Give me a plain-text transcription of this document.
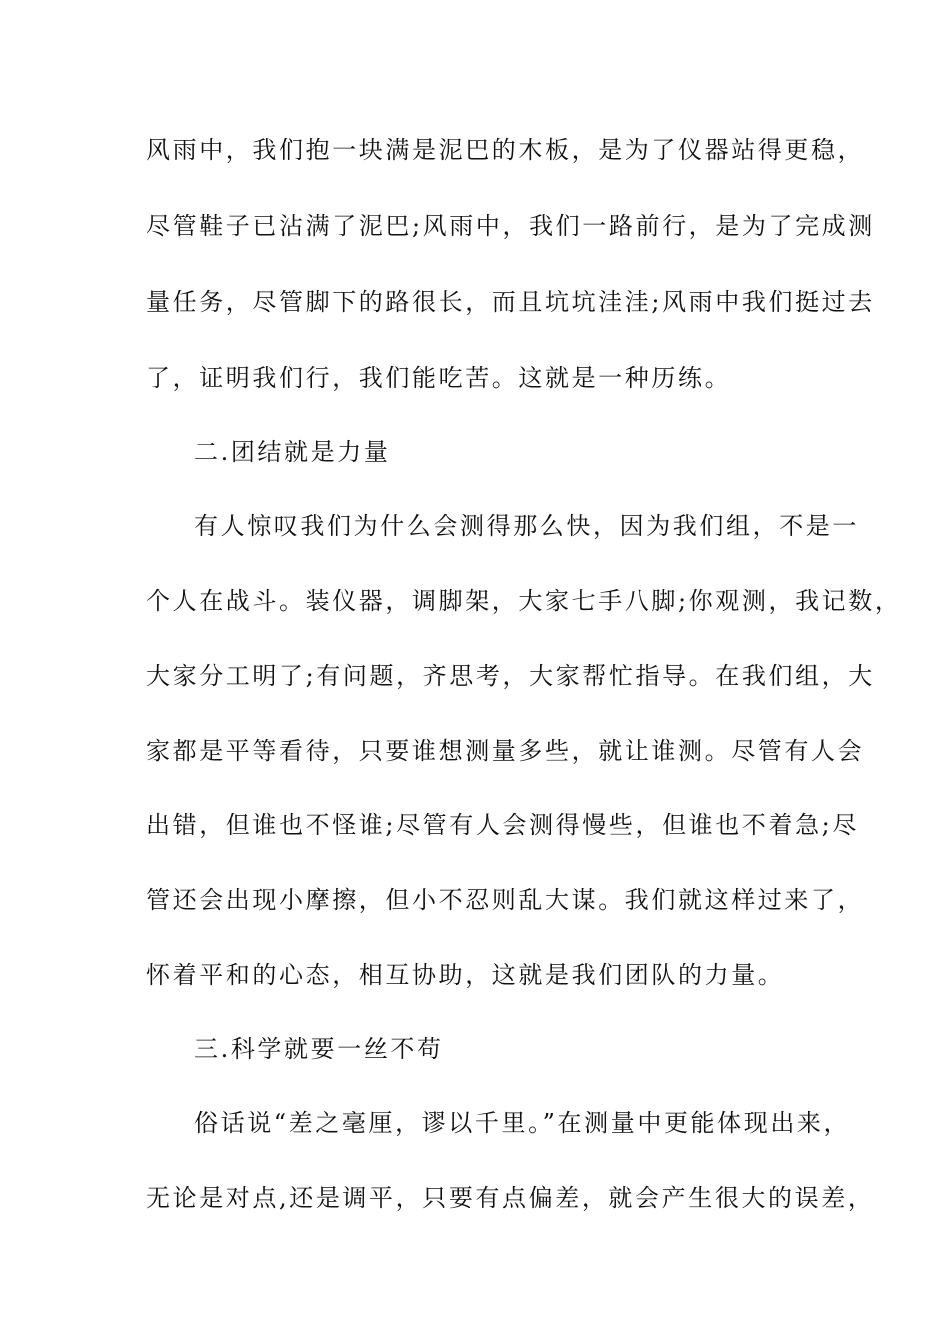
风雨中，我们抱一块满是泥巴的木板，是为了仪器站得更稳，
尽管鞋子已沾满了泥巴;风雨中，我们一路前行，是为了完成测
量任务，尽管脚下的路很长，而且坑坑洼洼;风雨中我们挺过去
了，证明我们行，我们能吃苦。这就是一种历练。
二.团结就是力量
有人惊叹我们为什么会测得那么快，因为我们组，不是一
个人在战斗。装仪器，调脚架，大家七手八脚;你观测，我记数，
大家分工明了;有问题，齐思考，大家帮忙指导。在我们组，大
家都是平等看待，只要谁想测量多些，就让谁测。尽管有人会
出错，但谁也不怪谁;尽管有人会测得慢些，但谁也不着急;尽
管还会出现小摩擦，但小不忍则乱大谋。我们就这样过来了，
怀着平和的心态，相互协助，这就是我们团队的力量。
三.科学就要一丝不苟
俗话说“差之毫厘，谬以千里。”在测量中更能体现出来，
无论是对点,还是调平，只要有点偏差，就会产生很大的误差，
